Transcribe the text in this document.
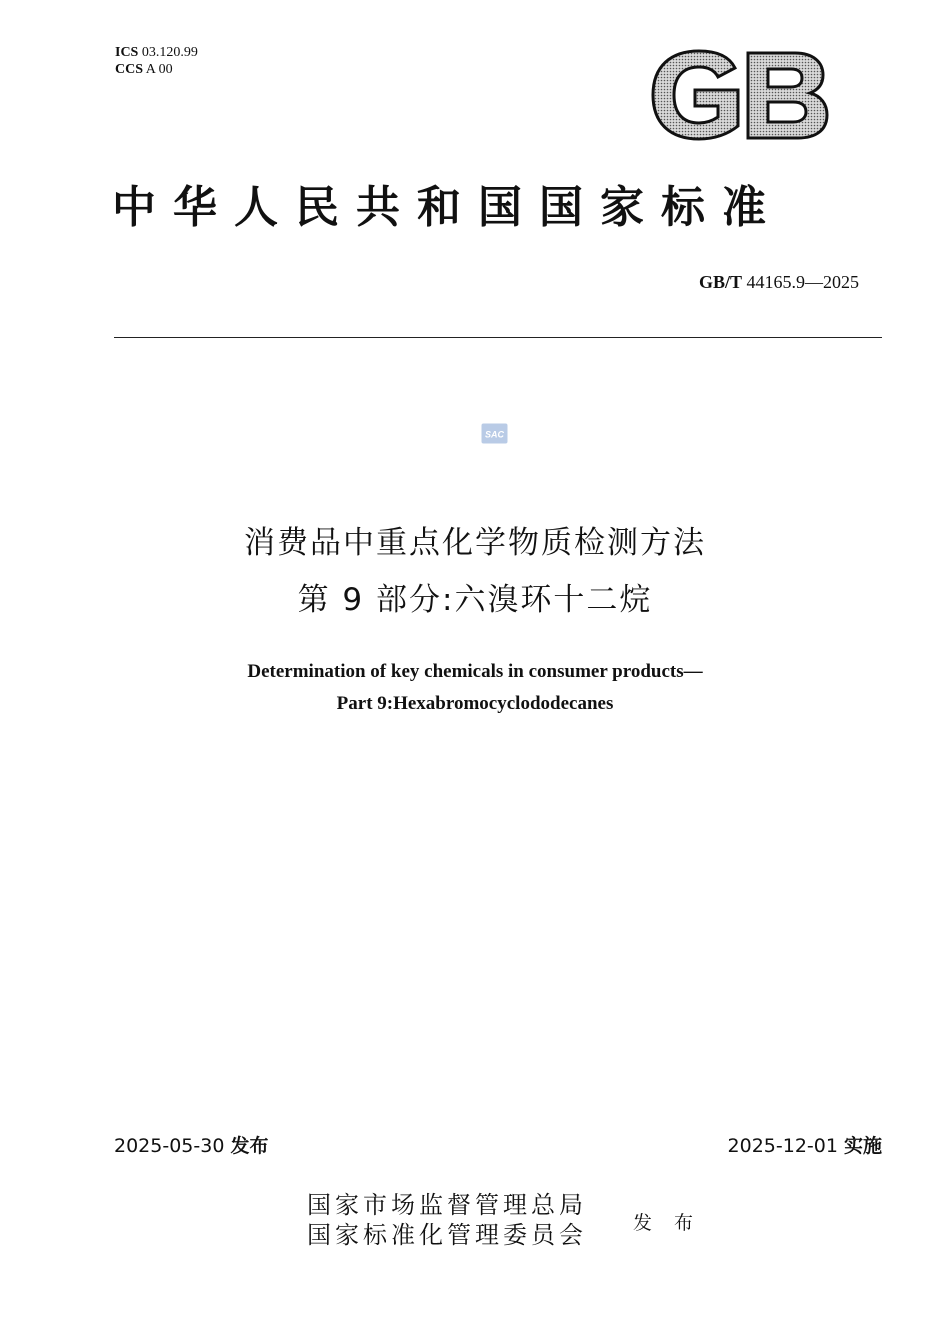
ICS 03.120.99
CCS A 00
中华人民共和国国家标准
GB/T 44165.9—2025
SAC
消费品中重点化学物质检测方法
第 9 部分:六溴环十二烷
Determination of key chemicals in consumer products—
Part 9:Hexabromocyclododecanes
2025-05-30 发布	2025-12-01 实施
国家市场监督管理总局
国家标准化管理委员会 发 布
